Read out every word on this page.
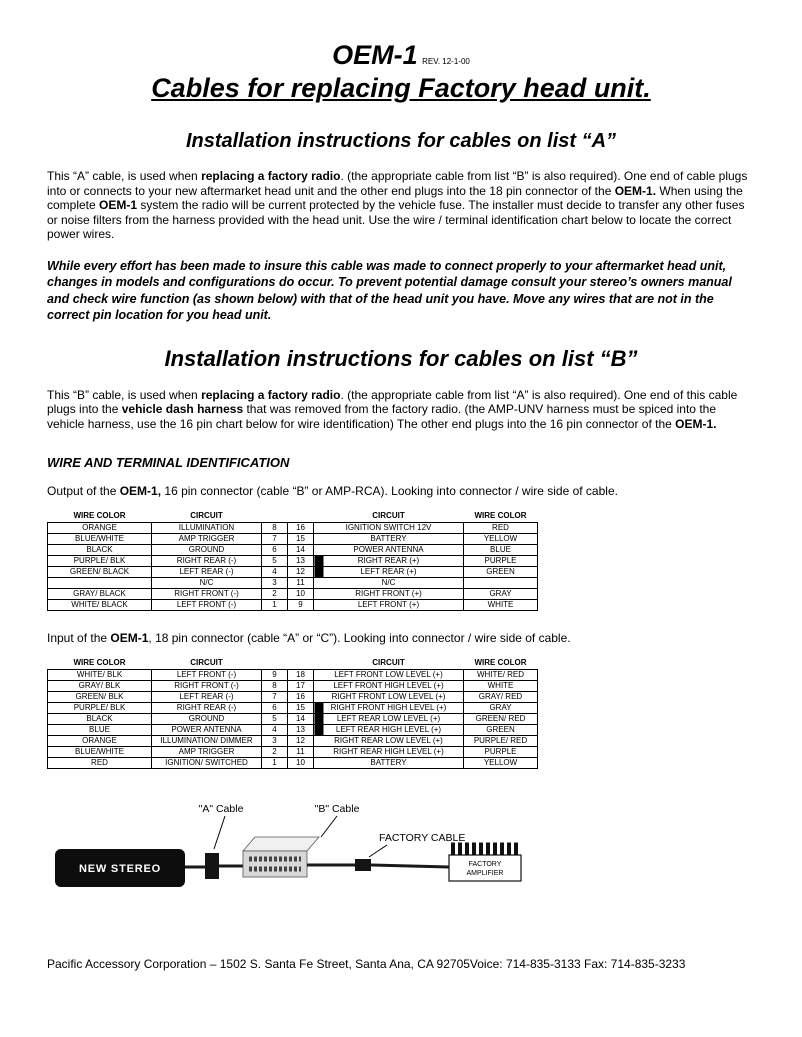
OEM-1 REV. 12-1-00
Cables for replacing Factory head unit.
Installation instructions for cables on list “A”

This “A” cable, is used when replacing a factory radio. (the appropriate cable from list “B” is also required). One end of cable plugs into or connects to your new aftermarket head unit and the other end plugs into the 18 pin connector of the OEM-1. When using the complete OEM-1 system the radio will be current protected by the vehicle fuse. The installer must decide to transfer any other fuses or noise filters from the harness provided with the head unit. Use the wire / terminal identification chart below to locate the correct power wires.

While every effort has been made to insure this cable was made to connect properly to your aftermarket head unit, changes in models and configurations do occur. To prevent potential damage consult your stereo’s owners manual and check wire function (as shown below) with that of the head unit you have. Move any wires that are not in the correct pin location for you head unit.

Installation instructions for cables on list “B”

This “B” cable, is used when replacing a factory radio. (the appropriate cable from list “A” is also required). One end of this cable plugs into the vehicle dash harness that was removed from the factory radio. (the AMP-UNV harness must be spiced into the vehicle harness, use the 16 pin chart below for wire identification) The other end plugs into the 16 pin connector of the OEM-1.

WIRE AND TERMINAL IDENTIFICATION

Output of the OEM-1, 16 pin connector (cable “B” or AMP-RCA). Looking into connector / wire side of cable.

WIRE COLOR	CIRCUIT			CIRCUIT	WIRE COLOR
ORANGE	ILLUMINATION	8	16	IGNITION SWITCH 12V	RED
BLUE/WHITE	AMP TRIGGER	7	15	BATTERY	YELLOW
BLACK	GROUND	6	14	POWER ANTENNA	BLUE
PURPLE/ BLK	RIGHT REAR (-)	5	13	RIGHT REAR (+)	PURPLE
GREEN/ BLACK	LEFT REAR (-)	4	12	LEFT REAR (+)	GREEN
	N/C	3	11	N/C	
GRAY/ BLACK	RIGHT FRONT (-)	2	10	RIGHT FRONT (+)	GRAY
WHITE/ BLACK	LEFT FRONT (-)	1	9	LEFT FRONT (+)	WHITE

Input of the OEM-1, 18 pin connector (cable “A” or “C”). Looking into connector / wire side of cable.

WIRE COLOR	CIRCUIT			CIRCUIT	WIRE COLOR
WHITE/ BLK	LEFT FRONT (-)	9	18	LEFT FRONT LOW LEVEL (+)	WHITE/ RED
GRAY/ BLK	RIGHT FRONT (-)	8	17	LEFT FRONT HIGH LEVEL (+)	WHITE
GREEN/ BLK	LEFT REAR (-)	7	16	RIGHT FRONT LOW LEVEL (+)	GRAY/ RED
PURPLE/ BLK	RIGHT REAR (-)	6	15	RIGHT FRONT HIGH LEVEL (+)	GRAY
BLACK	GROUND	5	14	LEFT REAR LOW LEVEL (+)	GREEN/ RED
BLUE	POWER ANTENNA	4	13	LEFT REAR HIGH LEVEL (+)	GREEN
ORANGE	ILLUMINATION/ DIMMER	3	12	RIGHT REAR LOW LEVEL (+)	PURPLE/ RED
BLUE/WHITE	AMP TRIGGER	2	11	RIGHT REAR HIGH LEVEL (+)	PURPLE
RED	IGNITION/ SWITCHED	1	10	BATTERY	YELLOW
"A" Cable	"B" Cable
NEW STEREO
FACTORY CABLE
FACTORY
AMPLIFIER
Pacific Accessory Corporation – 1502 S. Santa Fe Street, Santa Ana, CA 92705Voice: 714-835-3133 Fax: 714-835-3233
